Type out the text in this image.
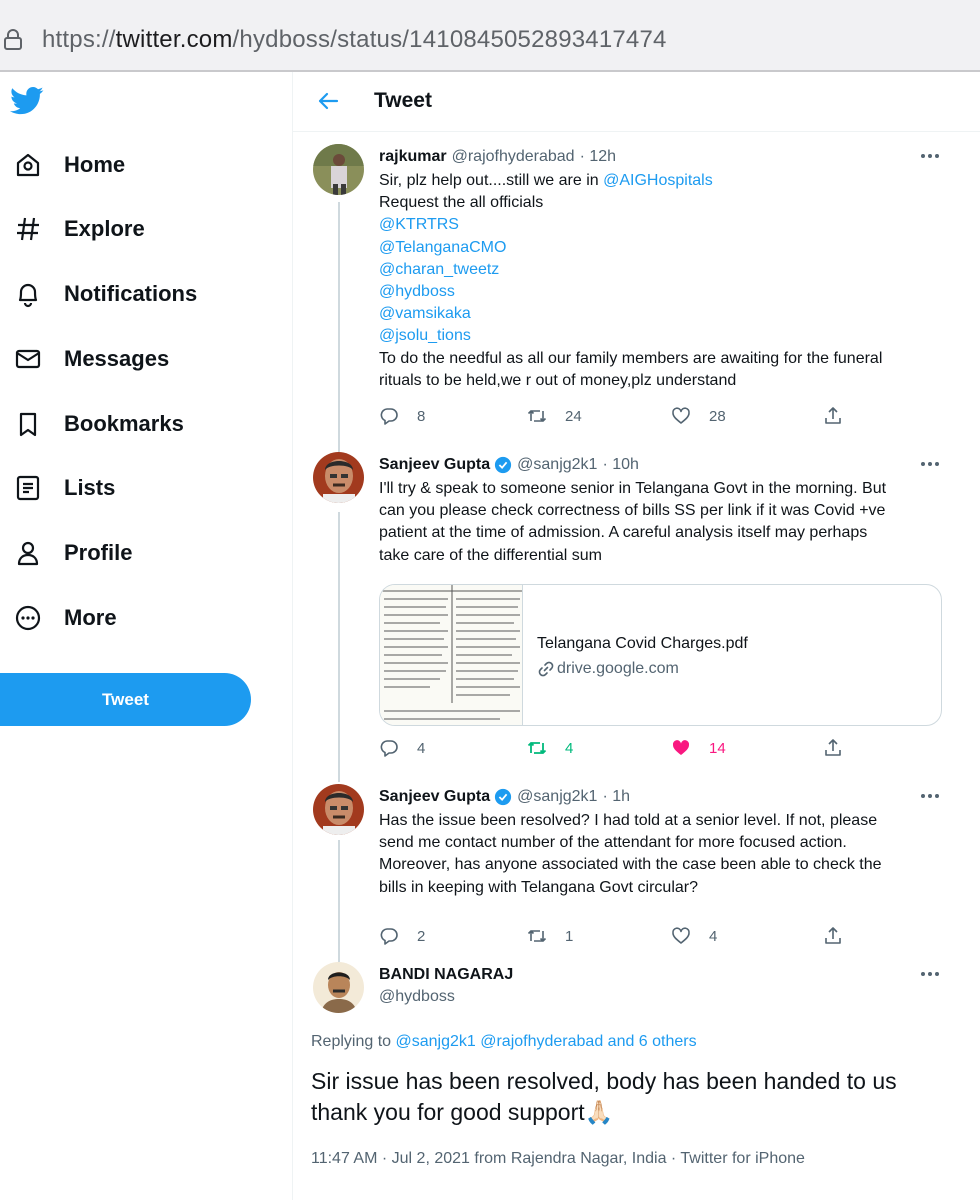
https://twitter.com/hydboss/status/1410845052893417474
Home
Explore
Notifications
Messages
Bookmarks
Lists
Profile
More
Tweet
Tweet
rajkumar @rajofhyderabad · 12h
Sir, plz help out....still we are in @AIGHospitals
Request the all officials
@KTRTRS
@TelanganaCMO
@charan_tweetz
@hydboss
@vamsikaka
@jsolu_tions
To do the needful as all our family members are awaiting for the funeral
rituals to be held,we r out of money,plz understand
8	24	28
Sanjeev Gupta @sanjg2k1 · 10h
I'll try & speak to someone senior in Telangana Govt in the morning. But
can you please check correctness of bills SS per link if it was Covid +ve
patient at the time of admission. A careful analysis itself may perhaps
take care of the differential sum
Telangana Covid Charges.pdf
drive.google.com
4	4	14
Sanjeev Gupta @sanjg2k1 · 1h
Has the issue been resolved? I had told at a senior level. If not, please
send me contact number of the attendant for more focused action.
Moreover, has anyone associated with the case been able to check the
bills in keeping with Telangana Govt circular?
2	1	4
BANDI NAGARAJ
@hydboss
Replying to @sanjg2k1 @rajofhyderabad and 6 others
Sir issue has been resolved, body has been handed to us
thank you for good support🙏🏻
11:47 AM · Jul 2, 2021 from Rajendra Nagar, India · Twitter for iPhone
